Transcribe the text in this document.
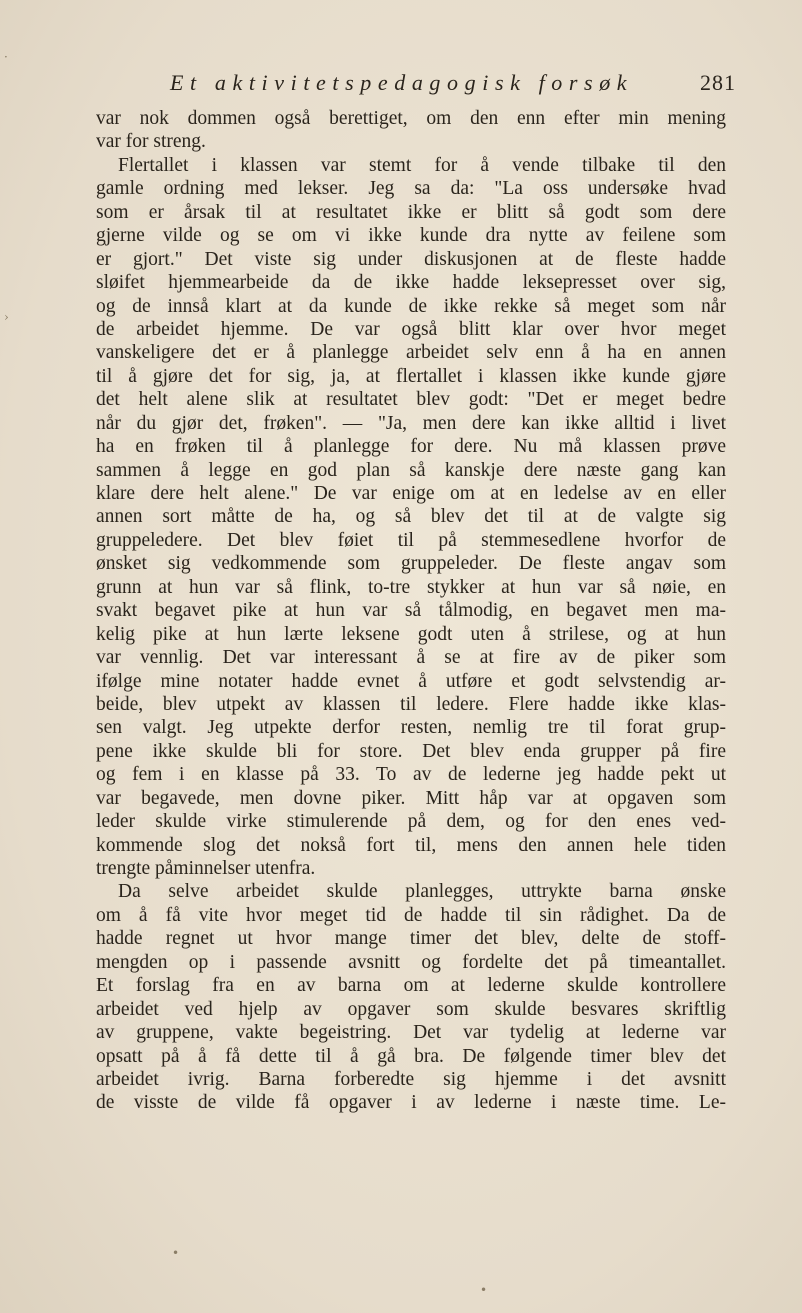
Et aktivitetspedagogisk forsøk	281
var nok dommen også berettiget, om den enn efter min mening
var for streng.
Flertallet i klassen var stemt for å vende tilbake til den
gamle ordning med lekser. Jeg sa da: "La oss undersøke hvad
som er årsak til at resultatet ikke er blitt så godt som dere
gjerne vilde og se om vi ikke kunde dra nytte av feilene som
er gjort." Det viste sig under diskusjonen at de fleste hadde
sløifet hjemmearbeide da de ikke hadde leksepresset over sig,
og de innså klart at da kunde de ikke rekke så meget som når
de arbeidet hjemme. De var også blitt klar over hvor meget
vanskeligere det er å planlegge arbeidet selv enn å ha en annen
til å gjøre det for sig, ja, at flertallet i klassen ikke kunde gjøre
det helt alene slik at resultatet blev godt: "Det er meget bedre
når du gjør det, frøken". — "Ja, men dere kan ikke alltid i livet
ha en frøken til å planlegge for dere. Nu må klassen prøve
sammen å legge en god plan så kanskje dere næste gang kan
klare dere helt alene." De var enige om at en ledelse av en eller
annen sort måtte de ha, og så blev det til at de valgte sig
gruppeledere. Det blev føiet til på stemmesedlene hvorfor de
ønsket sig vedkommende som gruppeleder. De fleste angav som
grunn at hun var så flink, to-tre stykker at hun var så nøie, en
svakt begavet pike at hun var så tålmodig, en begavet men ma-
kelig pike at hun lærte leksene godt uten å strilese, og at hun
var vennlig. Det var interessant å se at fire av de piker som
ifølge mine notater hadde evnet å utføre et godt selvstendig ar-
beide, blev utpekt av klassen til ledere. Flere hadde ikke klas-
sen valgt. Jeg utpekte derfor resten, nemlig tre til forat grup-
pene ikke skulde bli for store. Det blev enda grupper på fire
og fem i en klasse på 33. To av de lederne jeg hadde pekt ut
var begavede, men dovne piker. Mitt håp var at opgaven som
leder skulde virke stimulerende på dem, og for den enes ved-
kommende slog det nokså fort til, mens den annen hele tiden
trengte påminnelser utenfra.
Da selve arbeidet skulde planlegges, uttrykte barna ønske
om å få vite hvor meget tid de hadde til sin rådighet. Da de
hadde regnet ut hvor mange timer det blev, delte de stoff-
mengden op i passende avsnitt og fordelte det på timeantallet.
Et forslag fra en av barna om at lederne skulde kontrollere
arbeidet ved hjelp av opgaver som skulde besvares skriftlig
av gruppene, vakte begeistring. Det var tydelig at lederne var
opsatt på å få dette til å gå bra. De følgende timer blev det
arbeidet ivrig. Barna forberedte sig hjemme i det avsnitt
de visste de vilde få opgaver i av lederne i næste time. Le-
›
·
•
•
